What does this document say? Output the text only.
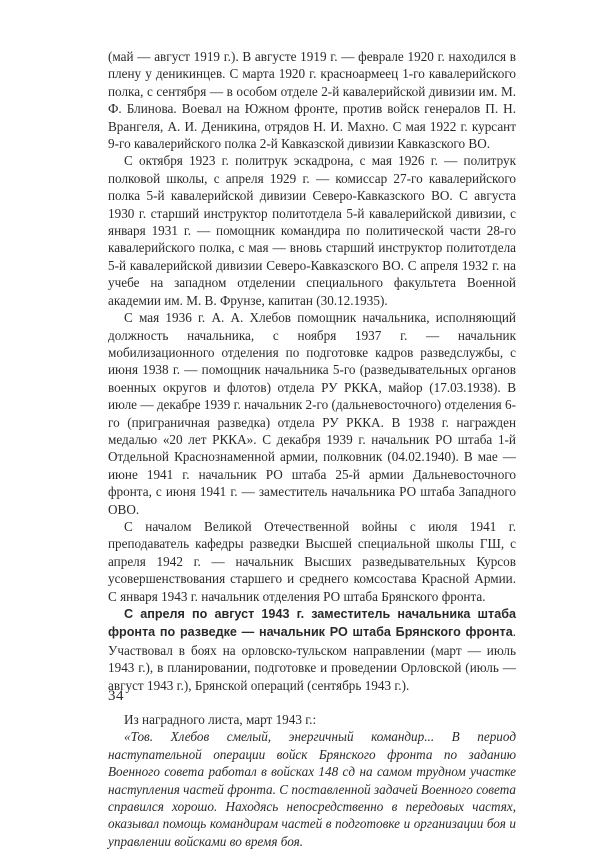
(май — август 1919 г.). В августе 1919 г. — феврале 1920 г. находился в плену у деникинцев. С марта 1920 г. красноармеец 1-го кавалерийского полка, с сентября — в особом отделе 2-й кавалерийской дивизии им. М. Ф. Блинова. Воевал на Южном фронте, против войск генералов П. Н. Врангеля, А. И. Деникина, отрядов Н. И. Махно. С мая 1922 г. курсант 9-го кавалерийского полка 2-й Кавказской дивизии Кавказского ВО.

С октября 1923 г. политрук эскадрона, с мая 1926 г. — политрук полковой школы, с апреля 1929 г. — комиссар 27-го кавалерийского полка 5-й кавалерийской дивизии Северо-Кавказского ВО. С августа 1930 г. старший инструктор политотдела 5-й кавалерийской дивизии, с января 1931 г. — помощник командира по политической части 28-го кавалерийского полка, с мая — вновь старший инструктор политотдела 5-й кавалерийской дивизии Северо-Кавказского ВО. С апреля 1932 г. на учебе на западном отделении специального факультета Военной академии им. М. В. Фрунзе, капитан (30.12.1935).

С мая 1936 г. А. А. Хлебов помощник начальника, исполняющий должность начальника, с ноября 1937 г. — начальник мобилизационного отделения по подготовке кадров разведслужбы, с июня 1938 г. — помощник начальника 5-го (разведывательных органов военных округов и флотов) отдела РУ РККА, майор (17.03.1938). В июле — декабре 1939 г. начальник 2-го (дальневосточного) отделения 6-го (приграничная разведка) отдела РУ РККА. В 1938 г. награжден медалью «20 лет РККА». С декабря 1939 г. начальник РО штаба 1-й Отдельной Краснознаменной армии, полковник (04.02.1940). В мае — июне 1941 г. начальник РО штаба 25-й армии Дальневосточного фронта, с июня 1941 г. — заместитель начальника РО штаба Западного ОВО.

С началом Великой Отечественной войны с июля 1941 г. преподаватель кафедры разведки Высшей специальной школы ГШ, с апреля 1942 г. — начальник Высших разведывательных Курсов усовершенствования старшего и среднего комсостава Красной Армии. С января 1943 г. начальник отделения РО штаба Брянского фронта.

С апреля по август 1943 г. заместитель начальника штаба фронта по разведке — начальник РО штаба Брянского фронта. Участвовал в боях на орловско-тульском направлении (март — июль 1943 г.), в планировании, подготовке и проведении Орловской (июль — август 1943 г.), Брянской операций (сентябрь 1943 г.).

Из наградного листа, март 1943 г.:

«Тов. Хлебов смелый, энергичный командир... В период наступательной операции войск Брянского фронта по заданию Военного совета работал в войсках 148 сд на самом трудном участке наступления частей фронта. С поставленной задачей Военного совета справился хорошо. Находясь непосредственно в передовых частях, оказывал помощь командирам частей в подготовке и организации боя и управлении войсками во время боя.

34
